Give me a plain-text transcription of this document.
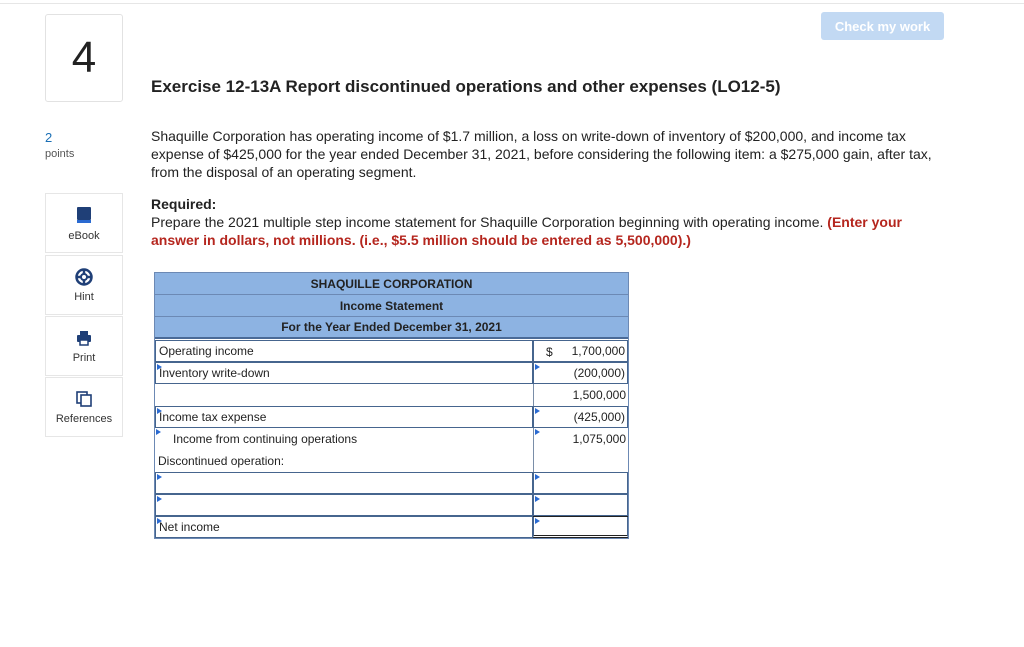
Check my work
4
2
points
eBook
Hint
Print
References
Exercise 12-13A Report discontinued operations and other expenses (LO12-5)
Shaquille Corporation has operating income of $1.7 million, a loss on write-down of inventory of $200,000, and income tax expense of $425,000 for the year ended December 31, 2021, before considering the following item: a $275,000 gain, after tax, from the disposal of an operating segment.
Required:
Prepare the 2021 multiple step income statement for Shaquille Corporation beginning with operating income. (Enter your answer in dollars, not millions. (i.e., $5.5 million should be entered as 5,500,000).)
SHAQUILLE CORPORATION
Income Statement
For the Year Ended December 31, 2021
Operating income	$ 1,700,000
Inventory write-down	(200,000)
1,500,000
Income tax expense	(425,000)
Income from continuing operations	1,075,000
Discontinued operation:
Net income
